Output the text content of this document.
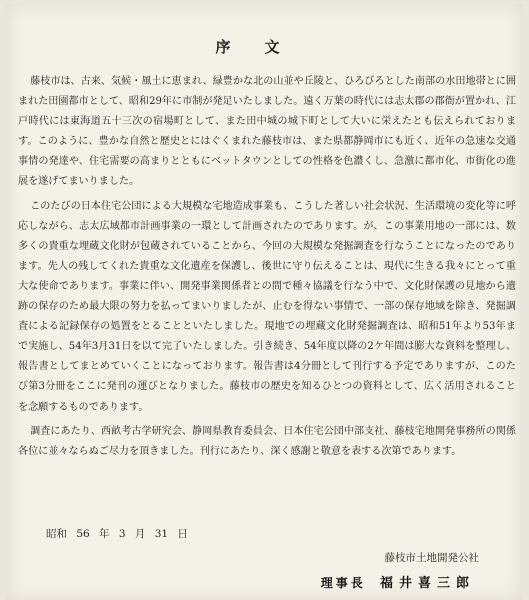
序文

藤枝市は、古来、気候・風土に恵まれ、緑豊かな北の山並や丘陵と、ひろびろとした南部の水田地帯とに囲まれた田園都市として、昭和29年に市制が発足いたしました。遠く万葉の時代には志太郡の郡衙が置かれ、江戸時代には東海道五十三次の宿場町として、また田中城の城下町として大いに栄えたとも伝えられております。このように、豊かな自然と歴史とにはぐくまれた藤枝市は、また県都静岡市にも近く、近年の急速な交通事情の発達や、住宅需要の高まりとともにベットタウンとしての性格を色濃くし、急激に都市化、市街化の進展を遂げてまいりました。

このたびの日本住宅公団による大規模な宅地造成事業も、こうした著しい社会状況、生活環境の変化等に呼応しながら、志太広域都市計画事業の一環として計画されたのであります。が、この事業用地の一部には、数多くの貴重な埋蔵文化財が包蔵されていることから、今回の大規模な発掘調査を行なうことになったのであります。先人の残してくれた貴重な文化遺産を保護し、後世に守り伝えることは、現代に生きる我々にとって重大な使命であります。事業に伴い、開発事業関係者との間で種々協議を行なう中で、文化財保護の見地から遺跡の保存のため最大限の努力を払ってまいりましたが、止むを得ない事情で、一部の保存地域を除き、発掘調査による記録保存の処置をとることといたしました。現地での埋蔵文化財発掘調査は、昭和51年より53年まで実施し、54年3月31日を以て完了いたしました。引き続き、54年度以降の2ケ年間は膨大な資料を整理し、報告書としてまとめていくことになっております。報告書は4分冊として刊行する予定でありますが、このたび第3分冊をここに発刊の運びとなりました。藤枝市の歴史を知るひとつの資料として、広く活用されることを念願するものであります。

調査にあたり、西畝考古学研究会、静岡県教育委員会、日本住宅公団中部支社、藤枝宅地開発事務所の関係各位に並々ならぬご尽力を頂きました。刊行にあたり、深く感謝と敬意を表する次第であります。

昭和 56 年 3 月 31 日
藤枝市土地開発公社
理事長 福井喜三郎
